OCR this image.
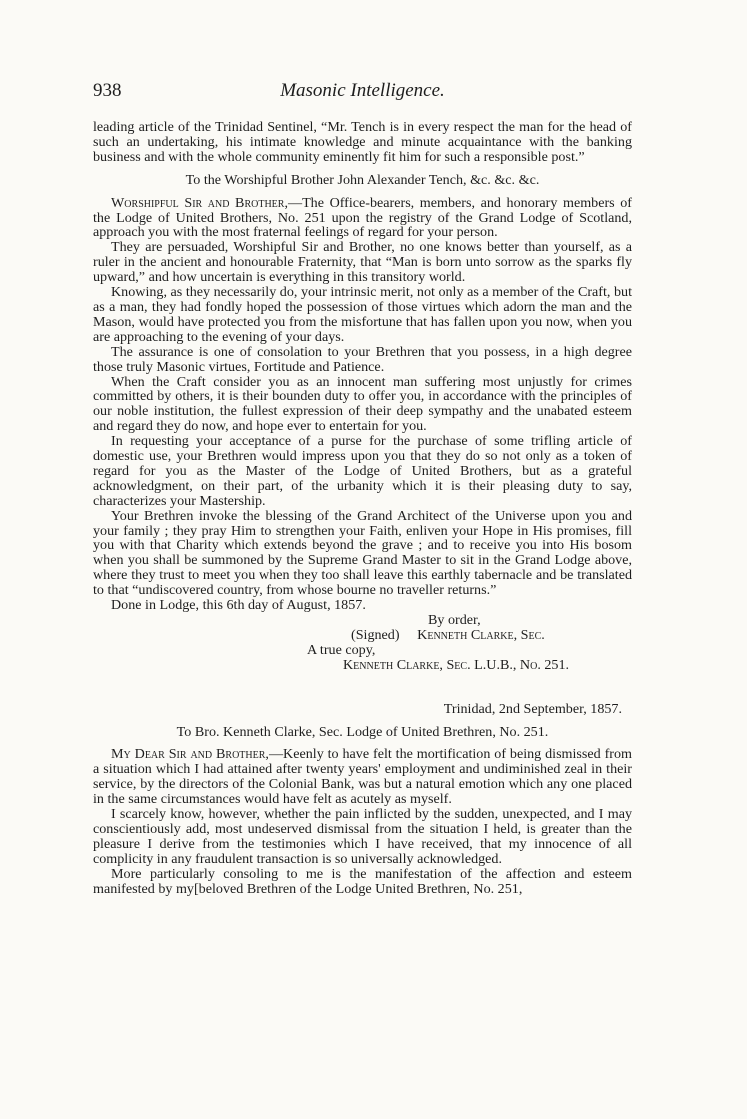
938	Masonic Intelligence.

leading article of the Trinidad Sentinel, “Mr. Tench is in every respect the man for the head of such an undertaking, his intimate knowledge and minute acquaintance with the banking business and with the whole community eminently fit him for such a responsible post.”

To the Worshipful Brother John Alexander Tench, &c. &c. &c.

Worshipful Sir and Brother,—The Office-bearers, members, and honorary members of the Lodge of United Brothers, No. 251 upon the registry of the Grand Lodge of Scotland, approach you with the most fraternal feelings of regard for your person.

They are persuaded, Worshipful Sir and Brother, no one knows better than yourself, as a ruler in the ancient and honourable Fraternity, that “Man is born unto sorrow as the sparks fly upward,” and how uncertain is everything in this transitory world.

Knowing, as they necessarily do, your intrinsic merit, not only as a member of the Craft, but as a man, they had fondly hoped the possession of those virtues which adorn the man and the Mason, would have protected you from the misfortune that has fallen upon you now, when you are approaching to the evening of your days.

The assurance is one of consolation to your Brethren that you possess, in a high degree those truly Masonic virtues, Fortitude and Patience.

When the Craft consider you as an innocent man suffering most unjustly for crimes committed by others, it is their bounden duty to offer you, in accordance with the principles of our noble institution, the fullest expression of their deep sympathy and the unabated esteem and regard they do now, and hope ever to entertain for you.

In requesting your acceptance of a purse for the purchase of some trifling article of domestic use, your Brethren would impress upon you that they do so not only as a token of regard for you as the Master of the Lodge of United Brothers, but as a grateful acknowledgment, on their part, of the urbanity which it is their pleasing duty to say, characterizes your Mastership.

Your Brethren invoke the blessing of the Grand Architect of the Universe upon you and your family ; they pray Him to strengthen your Faith, enliven your Hope in His promises, fill you with that Charity which extends beyond the grave ; and to receive you into His bosom when you shall be summoned by the Supreme Grand Master to sit in the Grand Lodge above, where they trust to meet you when they too shall leave this earthly tabernacle and be translated to that “undiscovered country, from whose bourne no traveller returns.”

Done in Lodge, this 6th day of August, 1857.

By order,

(Signed) Kenneth Clarke, Sec.

A true copy,

Kenneth Clarke, Sec. L.U.B., No. 251.

Trinidad, 2nd September, 1857.

To Bro. Kenneth Clarke, Sec. Lodge of United Brethren, No. 251.

My Dear Sir and Brother,—Keenly to have felt the mortification of being dismissed from a situation which I had attained after twenty years' employment and undiminished zeal in their service, by the directors of the Colonial Bank, was but a natural emotion which any one placed in the same circumstances would have felt as acutely as myself.

I scarcely know, however, whether the pain inflicted by the sudden, unexpected, and I may conscientiously add, most undeserved dismissal from the situation I held, is greater than the pleasure I derive from the testimonies which I have received, that my innocence of all complicity in any fraudulent transaction is so universally acknowledged.

More particularly consoling to me is the manifestation of the affection and esteem manifested by my[beloved Brethren of the Lodge United Brethren, No. 251,
